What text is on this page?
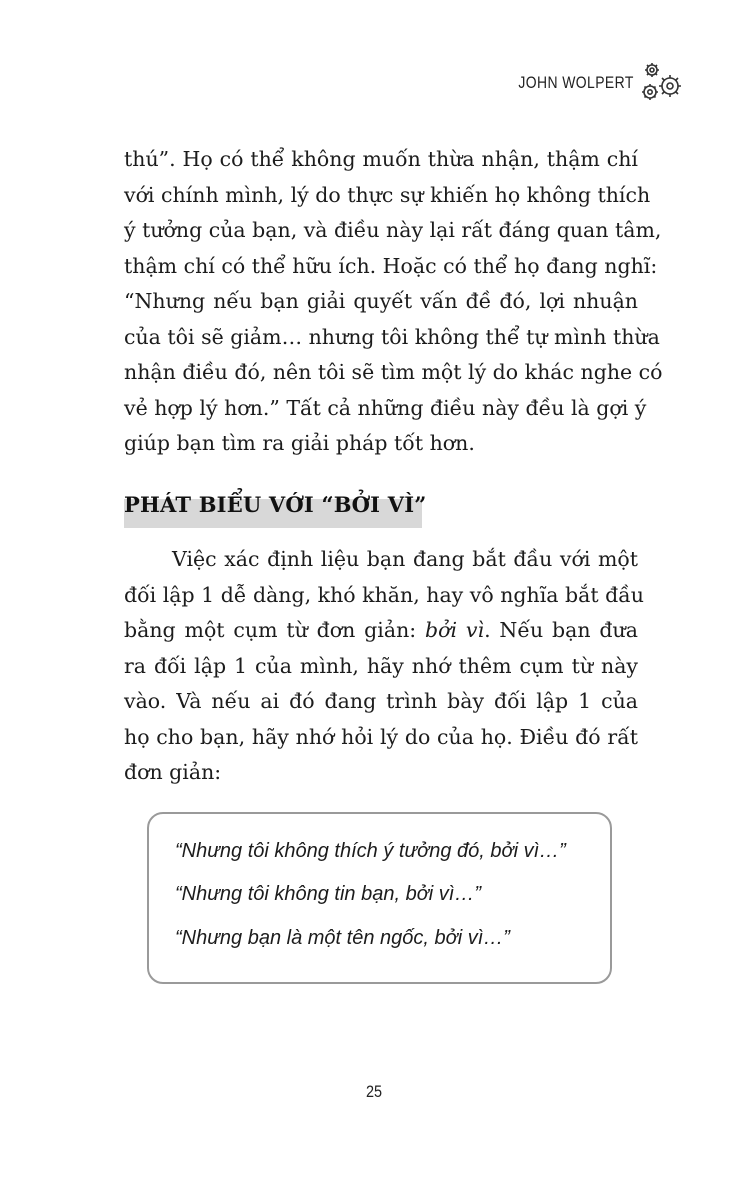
JOHN WOLPERT
thú”. Họ có thể không muốn thừa nhận, thậm chí
với chính mình, lý do thực sự khiến họ không thích
ý tưởng của bạn, và điều này lại rất đáng quan tâm,
thậm chí có thể hữu ích. Hoặc có thể họ đang nghĩ:
“Nhưng nếu bạn giải quyết vấn đề đó, lợi nhuận
của tôi sẽ giảm… nhưng tôi không thể tự mình thừa
nhận điều đó, nên tôi sẽ tìm một lý do khác nghe có
vẻ hợp lý hơn.” Tất cả những điều này đều là gợi ý
giúp bạn tìm ra giải pháp tốt hơn.
PHÁT BIỂU VỚI “BỞI VÌ”
Việc xác định liệu bạn đang bắt đầu với một
đối lập 1 dễ dàng, khó khăn, hay vô nghĩa bắt đầu
bằng một cụm từ đơn giản: bởi vì. Nếu bạn đưa
ra đối lập 1 của mình, hãy nhớ thêm cụm từ này
vào. Và nếu ai đó đang trình bày đối lập 1 của
họ cho bạn, hãy nhớ hỏi lý do của họ. Điều đó rất
đơn giản:
“Nhưng tôi không thích ý tưởng đó, bởi vì…”
“Nhưng tôi không tin bạn, bởi vì…”
“Nhưng bạn là một tên ngốc, bởi vì…”
25
